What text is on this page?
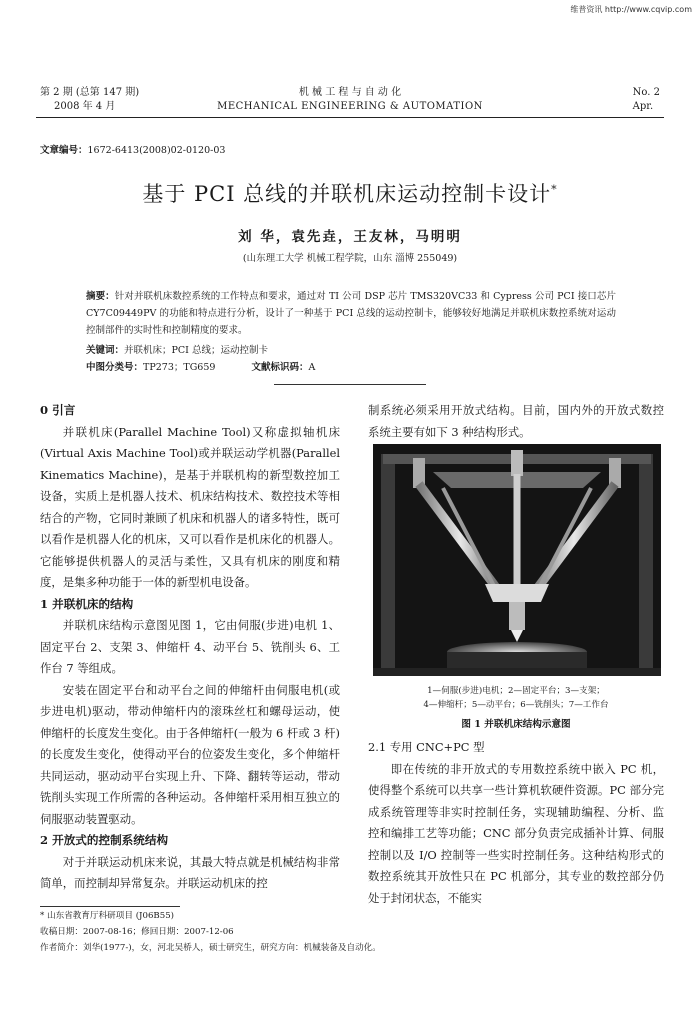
维普资讯 http://www.cqvip.com
第 2 期 (总第 147 期)
2008 年 4 月
机 械 工 程 与 自 动 化
MECHANICAL ENGINEERING & AUTOMATION
No. 2
Apr.
文章编号：1672-6413(2008)02-0120-03
基于 PCI 总线的并联机床运动控制卡设计*
刘 华，袁先垚，王友林，马明明
(山东理工大学 机械工程学院，山东 淄博 255049)
摘要：针对并联机床数控系统的工作特点和要求，通过对 TI 公司 DSP 芯片 TMS320VC33 和 Cypress 公司 PCI 接口芯片 CY7C09449PV 的功能和特点进行分析，设计了一种基于 PCI 总线的运动控制卡，能够较好地满足并联机床数控系统对运动控制部件的实时性和控制精度的要求。
关键词：并联机床；PCI 总线；运动控制卡
中图分类号：TP273；TG659	文献标识码：A
0 引言

并联机床(Parallel Machine Tool)又称虚拟轴机床(Virtual Axis Machine Tool)或并联运动学机器(Parallel Kinematics Machine)，是基于并联机构的新型数控加工设备，实质上是机器人技术、机床结构技术、数控技术等相结合的产物，它同时兼顾了机床和机器人的诸多特性，既可以看作是机器人化的机床，又可以看作是机床化的机器人。它能够提供机器人的灵活与柔性，又具有机床的刚度和精度，是集多种功能于一体的新型机电设备。

1 并联机床的结构

并联机床结构示意图见图 1，它由伺服(步进)电机 1、固定平台 2、支架 3、伸缩杆 4、动平台 5、铣削头 6、工作台 7 等组成。

安装在固定平台和动平台之间的伸缩杆由伺服电机(或步进电机)驱动，带动伸缩杆内的滚珠丝杠和螺母运动，使伸缩杆的长度发生变化。由于各伸缩杆(一般为 6 杆或 3 杆)的长度发生变化，使得动平台的位姿发生变化，多个伸缩杆共同运动，驱动动平台实现上升、下降、翻转等运动，带动铣削头实现工作所需的各种运动。各伸缩杆采用相互独立的伺服驱动装置驱动。

2 开放式的控制系统结构

对于并联运动机床来说，其最大特点就是机械结构非常简单，而控制却异常复杂。并联运动机床的控

制系统必须采用开放式结构。目前，国内外的开放式数控系统主要有如下 3 种结构形式。

1—伺服(步进)电机；2—固定平台；3—支架；
4—伸缩杆；5—动平台；6—铣削头；7—工作台
图 1 并联机床结构示意图
2.1 专用 CNC+PC 型

即在传统的非开放式的专用数控系统中嵌入 PC 机，使得整个系统可以共享一些计算机软硬件资源。PC 部分完成系统管理等非实时控制任务，实现辅助编程、分析、监控和编排工艺等功能；CNC 部分负责完成插补计算、伺服控制以及 I/O 控制等一些实时控制任务。这种结构形式的数控系统其开放性只在 PC 机部分，其专业的数控部分仍处于封闭状态，不能实

* 山东省教育厅科研项目 (J06B55)
收稿日期：2007-08-16；修回日期：2007-12-06
作者简介：刘华(1977-)，女，河北吴桥人，硕士研究生，研究方向：机械装备及自动化。
